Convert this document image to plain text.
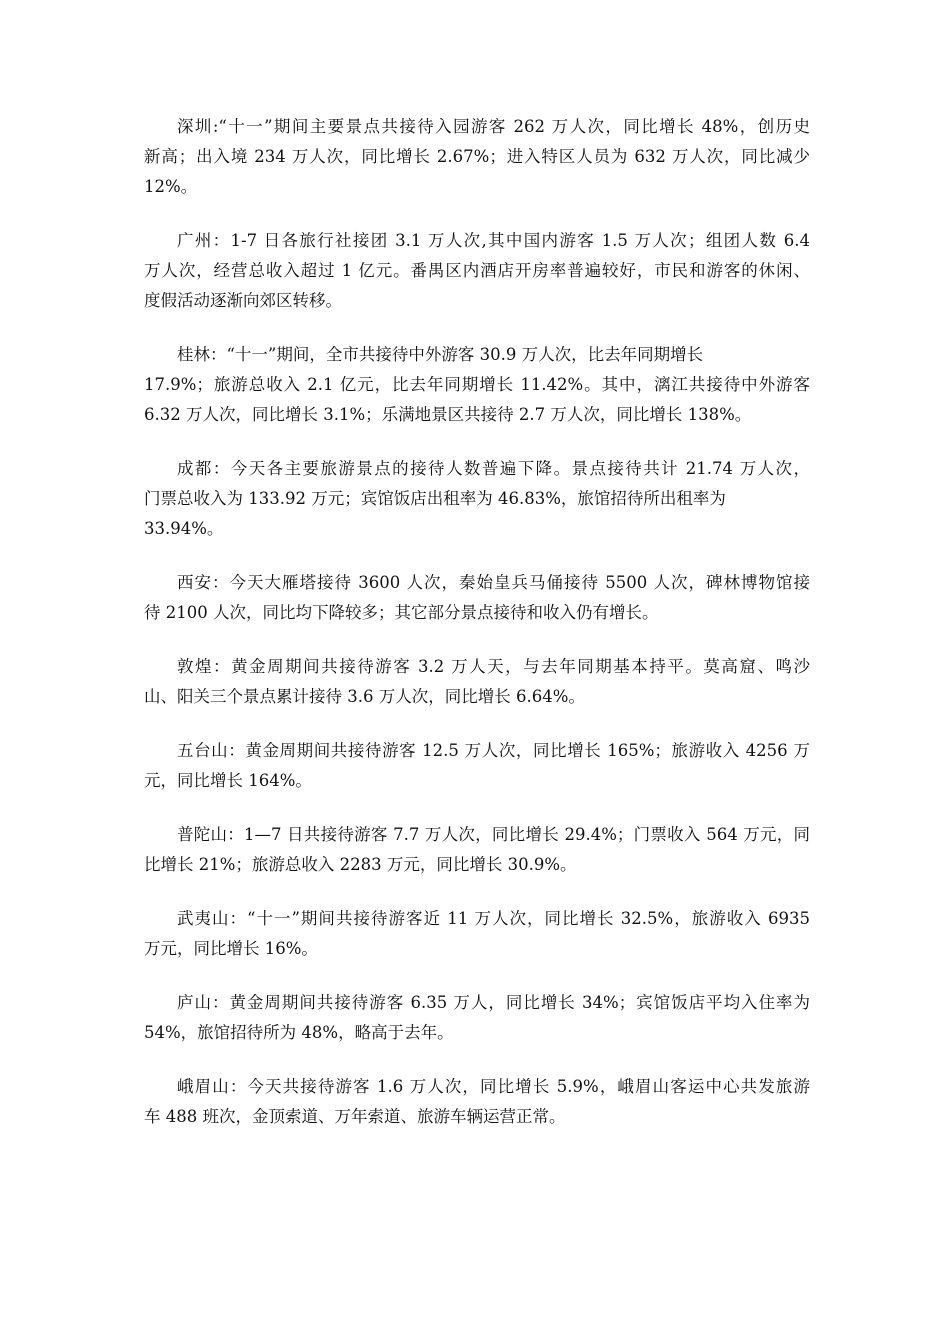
深圳:“十一”期间主要景点共接待入园游客 262 万人次，同比增长 48%，创历史
新高；出入境 234 万人次，同比增长 2.67%；进入特区人员为 632 万人次，同比减少
12%。
广州：1-7 日各旅行社接团 3.1 万人次,其中国内游客 1.5 万人次；组团人数 6.4
万人次，经营总收入超过 1 亿元。番禺区内酒店开房率普遍较好，市民和游客的休闲、
度假活动逐渐向郊区转移。
桂林：“十一”期间，全市共接待中外游客 30.9 万人次，比去年同期增长
17.9%；旅游总收入 2.1 亿元，比去年同期增长 11.42%。其中，漓江共接待中外游客
6.32 万人次，同比增长 3.1%；乐满地景区共接待 2.7 万人次，同比增长 138%。
成都：今天各主要旅游景点的接待人数普遍下降。景点接待共计 21.74 万人次，
门票总收入为 133.92 万元；宾馆饭店出租率为 46.83%，旅馆招待所出租率为
33.94%。
西安：今天大雁塔接待 3600 人次，秦始皇兵马俑接待 5500 人次，碑林博物馆接
待 2100 人次，同比均下降较多；其它部分景点接待和收入仍有增长。
敦煌：黄金周期间共接待游客 3.2 万人天，与去年同期基本持平。莫高窟、鸣沙
山、阳关三个景点累计接待 3.6 万人次，同比增长 6.64%。
五台山：黄金周期间共接待游客 12.5 万人次，同比增长 165%；旅游收入 4256 万
元，同比增长 164%。
普陀山：1—7 日共接待游客 7.7 万人次，同比增长 29.4%；门票收入 564 万元，同
比增长 21%；旅游总收入 2283 万元，同比增长 30.9%。
武夷山：“十一”期间共接待游客近 11 万人次，同比增长 32.5%，旅游收入 6935
万元，同比增长 16%。
庐山：黄金周期间共接待游客 6.35 万人，同比增长 34%；宾馆饭店平均入住率为
54%，旅馆招待所为 48%，略高于去年。
峨眉山：今天共接待游客 1.6 万人次，同比增长 5.9%，峨眉山客运中心共发旅游
车 488 班次，金顶索道、万年索道、旅游车辆运营正常。
